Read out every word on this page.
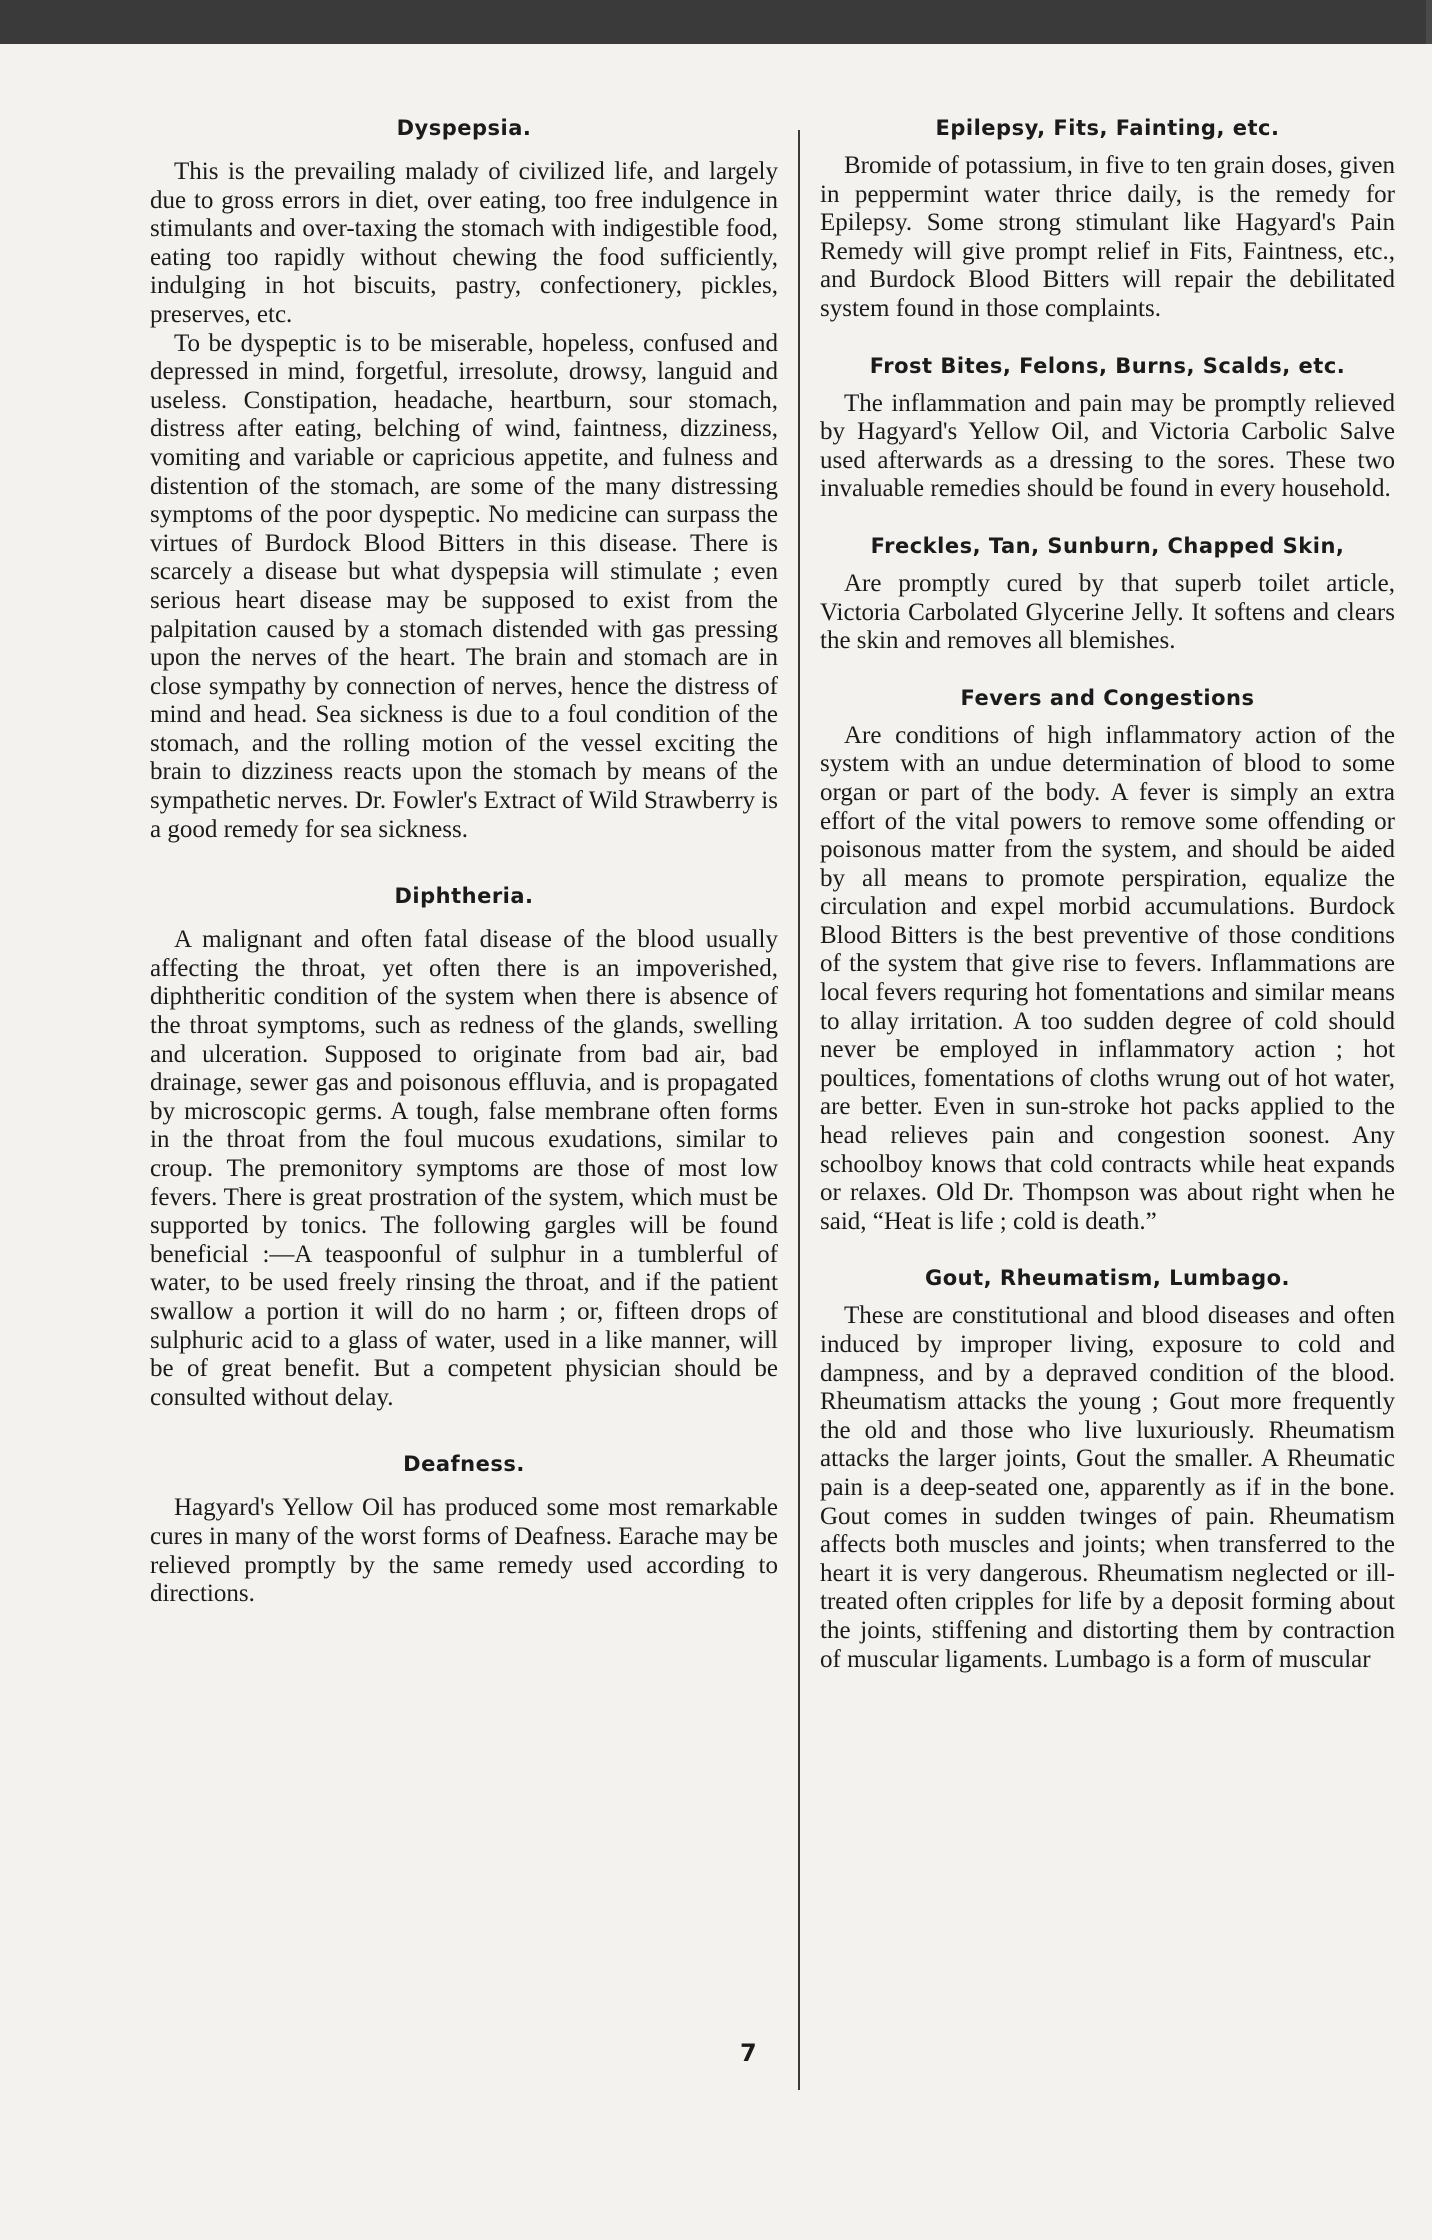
Dyspepsia.

This is the prevailing malady of civilized life, and largely due to gross errors in diet, over eating, too free indulgence in stimulants and over-taxing the stomach with indigestible food, eating too rapidly without chewing the food sufficiently, indulging in hot biscuits, pastry, confectionery, pickles, preserves, etc.

To be dyspeptic is to be miserable, hopeless, confused and depressed in mind, forgetful, irresolute, drowsy, languid and useless. Constipation, headache, heartburn, sour stomach, distress after eating, belching of wind, faintness, dizziness, vomiting and variable or capricious appetite, and fulness and distention of the stomach, are some of the many distressing symptoms of the poor dyspeptic. No medicine can surpass the virtues of Burdock Blood Bitters in this disease. There is scarcely a disease but what dyspepsia will stimulate ; even serious heart disease may be supposed to exist from the palpitation caused by a stomach distended with gas pressing upon the nerves of the heart. The brain and stomach are in close sympathy by connection of nerves, hence the distress of mind and head. Sea sickness is due to a foul condition of the stomach, and the rolling motion of the vessel exciting the brain to dizziness reacts upon the stomach by means of the sympathetic nerves. Dr. Fowler's Extract of Wild Strawberry is a good remedy for sea sickness.

Diphtheria.

A malignant and often fatal disease of the blood usually affecting the throat, yet often there is an impoverished, diphtheritic condition of the system when there is absence of the throat symptoms, such as redness of the glands, swelling and ulceration. Supposed to originate from bad air, bad drainage, sewer gas and poisonous effluvia, and is propagated by microscopic germs. A tough, false membrane often forms in the throat from the foul mucous exudations, similar to croup. The premonitory symptoms are those of most low fevers. There is great prostration of the system, which must be supported by tonics. The following gargles will be found beneficial :—A teaspoonful of sulphur in a tumblerful of water, to be used freely rinsing the throat, and if the patient swallow a portion it will do no harm ; or, fifteen drops of sulphuric acid to a glass of water, used in a like manner, will be of great benefit. But a competent physician should be consulted without delay.

Deafness.

Hagyard's Yellow Oil has produced some most remarkable cures in many of the worst forms of Deafness. Earache may be relieved promptly by the same remedy used according to directions.

Epilepsy, Fits, Fainting, etc.

Bromide of potassium, in five to ten grain doses, given in peppermint water thrice daily, is the remedy for Epilepsy. Some strong stimulant like Hagyard's Pain Remedy will give prompt relief in Fits, Faintness, etc., and Burdock Blood Bitters will repair the debilitated system found in those complaints.

Frost Bites, Felons, Burns, Scalds, etc.

The inflammation and pain may be promptly relieved by Hagyard's Yellow Oil, and Victoria Carbolic Salve used afterwards as a dressing to the sores. These two invaluable remedies should be found in every household.

Freckles, Tan, Sunburn, Chapped Skin,

Are promptly cured by that superb toilet article, Victoria Carbolated Glycerine Jelly. It softens and clears the skin and removes all blemishes.

Fevers and Congestions

Are conditions of high inflammatory action of the system with an undue determination of blood to some organ or part of the body. A fever is simply an extra effort of the vital powers to remove some offending or poisonous matter from the system, and should be aided by all means to promote perspiration, equalize the circulation and expel morbid accumulations. Burdock Blood Bitters is the best preventive of those conditions of the system that give rise to fevers. Inflammations are local fevers requring hot fomentations and similar means to allay irritation. A too sudden degree of cold should never be employed in inflammatory action ; hot poultices, fomentations of cloths wrung out of hot water, are better. Even in sun-stroke hot packs applied to the head relieves pain and congestion soonest. Any schoolboy knows that cold contracts while heat expands or relaxes. Old Dr. Thompson was about right when he said, “Heat is life ; cold is death.”

Gout, Rheumatism, Lumbago.

These are constitutional and blood diseases and often induced by improper living, exposure to cold and dampness, and by a depraved condition of the blood. Rheumatism attacks the young ; Gout more frequently the old and those who live luxuriously. Rheumatism attacks the larger joints, Gout the smaller. A Rheumatic pain is a deep-seated one, apparently as if in the bone. Gout comes in sudden twinges of pain. Rheumatism affects both muscles and joints; when transferred to the heart it is very dangerous. Rheumatism neglected or ill-treated often cripples for life by a deposit forming about the joints, stiffening and distorting them by contraction of muscular ligaments. Lumbago is a form of muscular

7
